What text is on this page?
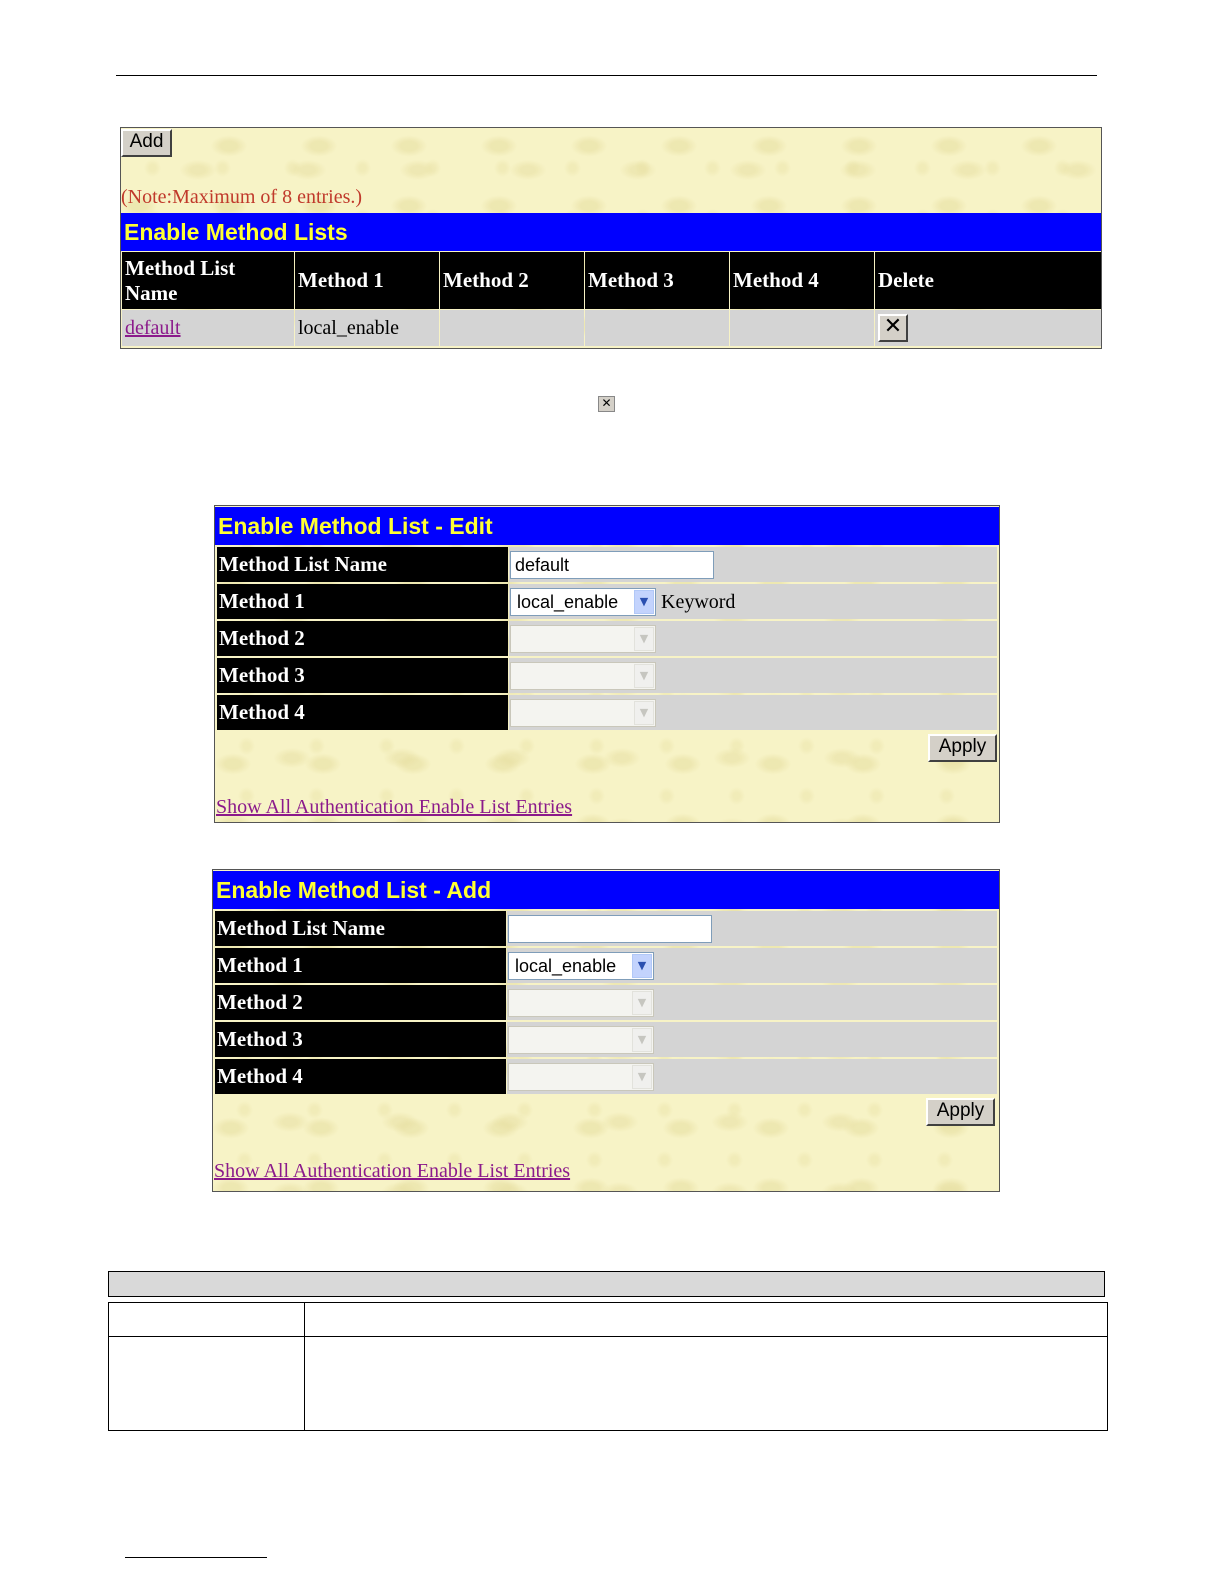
Add
(Note:Maximum of 8 entries.)
Enable Method Lists
Method List Name	Method 1	Method 2	Method 3	Method 4	Delete
default	local_enable				✕
✕
Enable Method List - Edit
Method List Name	default
Method 1	local_enable	▼ Keyword
Method 2	▼
Method 3	▼
Method 4	▼
Apply
Show All Authentication Enable List Entries
Enable Method List - Add
Method List Name
Method 1	local_enable	▼
Method 2	▼
Method 3	▼
Method 4	▼
Apply
Show All Authentication Enable List Entries
